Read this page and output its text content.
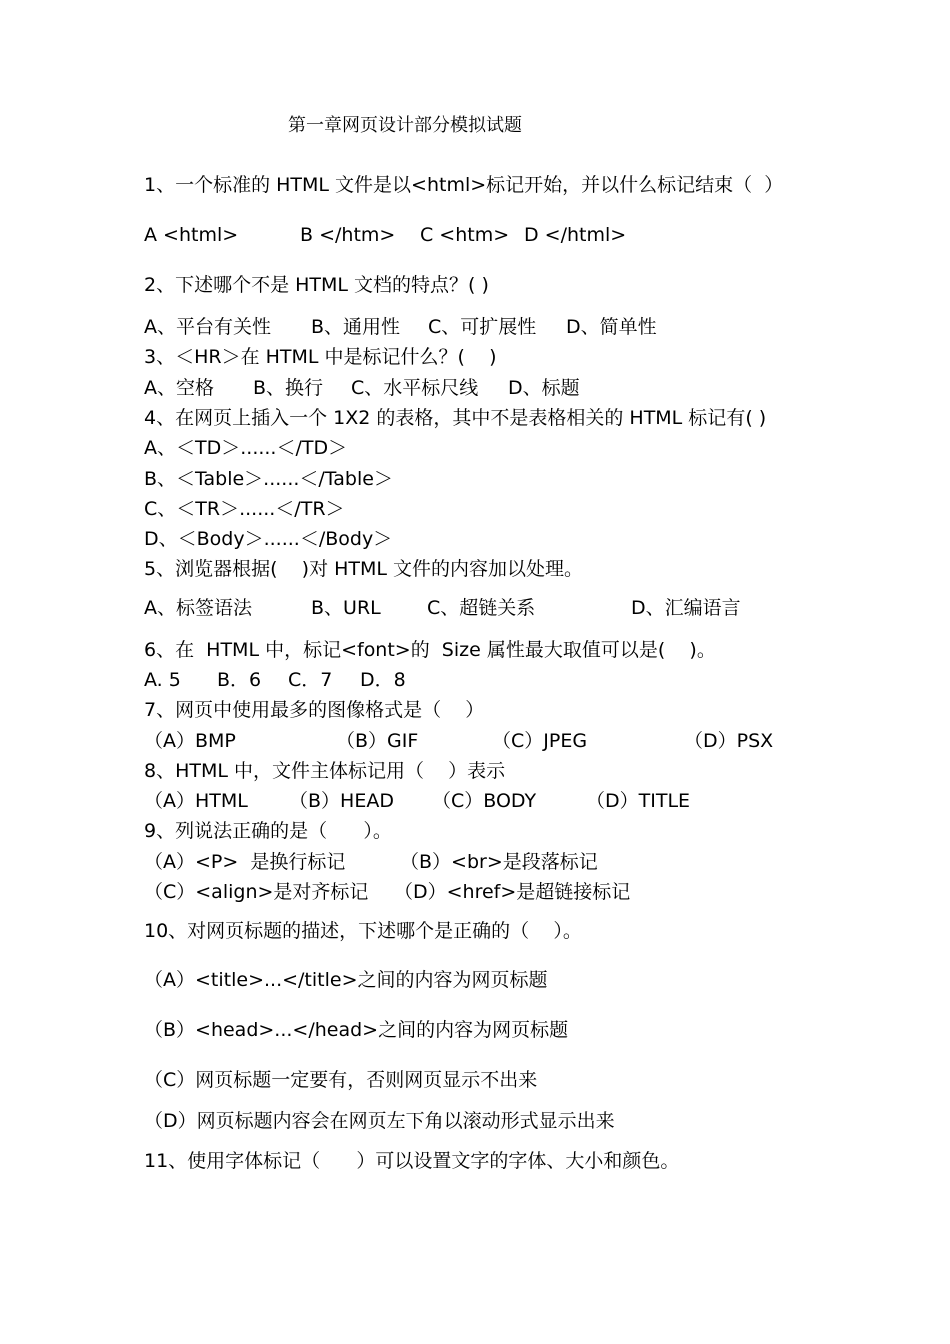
第一章网页设计部分模拟试题
1、一个标准的 HTML 文件是以<html>标记开始，并以什么标记结束（  ）
A <html>	B </htm> C <htm> D </html>
2、下述哪个不是 HTML 文档的特点？( )
A、平台有关性 B、通用性 C、可扩展性 D、简单性
3、＜HR＞在 HTML 中是标记什么？(    )
A、空格 B、换行 C、水平标尺线 D、标题
4、在网页上插入一个 1X2 的表格，其中不是表格相关的 HTML 标记有( )
A、＜TD＞......＜/TD＞
B、＜Table＞......＜/Table＞
C、＜TR＞......＜/TR＞
D、＜Body＞......＜/Body＞
5、浏览器根据(    )对 HTML 文件的内容加以处理。
A、标签语法	B、URL C、超链关系	D、汇编语言
6、在  HTML 中，标记<font>的  Size 属性最大取值可以是(    )。
A. 5 B．6 C．7 D．8
7、网页中使用最多的图像格式是（    ）
（A）BMP	（B）GIF	（C）JPEG	（D）PSX
8、HTML 中，文件主体标记用（    ）表示
（A）HTML （B）HEAD （C）BODY	（D）TITLE
9、列说法正确的是（      ）。
（A）<P>  是换行标记	（B）<br>是段落标记
（C）<align>是对齐标记 （D）<href>是超链接标记
10、对网页标题的描述，下述哪个是正确的（    ）。
（A）<title>...</title>之间的内容为网页标题
（B）<head>...</head>之间的内容为网页标题
（C）网页标题一定要有，否则网页显示不出来
（D）网页标题内容会在网页左下角以滚动形式显示出来
11、使用字体标记（      ）可以设置文字的字体、大小和颜色。
